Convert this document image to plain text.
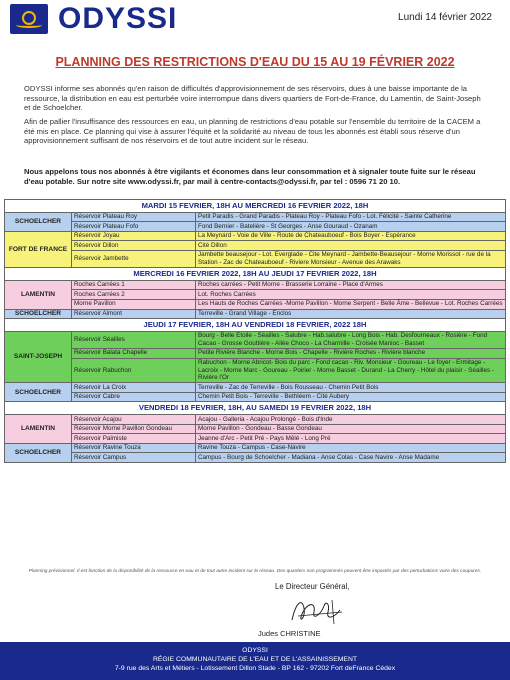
ODYSSI	Lundi 14 février 2022
PLANNING DES RESTRICTIONS D'EAU DU 15 AU 19 FÉVRIER 2022
ODYSSI informe ses abonnés qu'en raison de difficultés d'approvisionnement de ses réservoirs, dues à une baisse importante de la ressource, la distribution en eau est perturbée voire interrompue dans divers quartiers de Fort-de-France, du Lamentin, de Saint-Joseph et de Schoelcher.
Afin de pallier l'insuffisance des ressources en eau, un planning de restrictions d'eau potable sur l'ensemble du territoire de la CACEM a été mis en place. Ce planning qui vise à assurer l'équité et la solidarité au niveau de tous les abonnés est établi sous réserve d'un approvisionnement suffisant de nos réservoirs et de tout autre incident sur le réseau.
Nous appelons tous nos abonnés à être vigilants et économes dans leur consommation et à signaler toute fuite sur le réseau d'eau potable. Sur notre site www.odyssi.fr, par mail à centre-contacts@odyssi.fr, par tel : 0596 71 20 10.
MARDI 15 FEVRIER, 18H AU MERCREDI 16 FEVRIER 2022, 18H		
SCHOELCHER	Réservoir Plateau Roy	Petit Paradis - Grand Paradis - Plateau Roy - Plateau Fofo - Lot. Félicité - Sainte Catherine
	Réservoir Plateau Fofo	Fond Bernier - Batelière - St Georges - Anse Gouraud - Ozanam
FORT DE FRANCE	Réservoir Joyau	La Meynard - Voie de Ville - Route de Chateauboeuf - Bois Boyer - Espérance
	Réservoir Dillon	Cité Dillon
	Réservoir Jambette	Jambette beausejour - Lot. Everglade - Cite Meynard - Jambette-Beausejour - Morne Morissot - rue de la Station - Zac de Chateauboeuf - Riviere Monsieur - Avenue des Arawaks
MERCREDI 16 FEVRIER 2022, 18H AU JEUDI 17 FEVRIER 2022, 18H		
LAMENTIN	Roches Carrées 1	Roches carrées - Petit Morne - Brasserie Lorraine - Place d'Armes
	Roches Carrées 2	Lot. Roches Carrées
	Morne Pavillon	Les Hauts de Roches Carrées -Morne Pavillon - Morne Serpent - Belle Âme - Bellevue - Lot. Roches Carrées
SCHOELCHER	Réservoir Almont	Terreville - Grand Village - Enclos
JEUDI 17 FEVRIER, 18H AU VENDREDI 18 FEVRIER, 2022 18H		
SAINT-JOSEPH	Réservoir Séailles	Bourg - Belle Etoile - Séailles - Salubre - Hab.salubre - Long Bois - Hab. Desfourneaux - Rosière - Fond Cacao - Grosse Gouttière - Allée Choco - La Charmille - Croisée Manioc - Basset
	Réservoir Balata Chapelle	Petite Rivière Blanche - Morne Bois - Chapelle - Rivière Roches - Rivière blanche
	Réservoir Rabuchon	Rabuchon - Morne Abricot- Bois du parc - Fond cacao - Riv. Monsieur - Goureau - Le foyer - Ermitage - Lacroix - Morne Marc - Goureau - Poirier - Morne Basset - Durand - La Cherry - Hôtel du plaisir - Séailles - Rivière l'Or
SCHOELCHER	Réservoir La Croix	Terreville - Zac de Terreville - Bois Rousseau - Chemin Petit Bois
	Réservoir Cabre	Chemin Petit Bois - Terreville - Bethléem - Cité Aubery
VENDREDI 18 FEVRIER, 18H, AU SAMEDI 19 FEVRIER 2022, 18H		
LAMENTIN	Réservoir Acajou	Acajou - Galleria - Acajou Prolongé - Bois d'Inde
	Réservoir Morne Pavillon Gondeau	Morne Pavillon - Gondeau - Basse Gondeau
	Réservoir Palmiste	Jeanne d'Arc - Petit Pré - Pays Mêlé - Long Pré
SCHOELCHER	Réservoir Ravine Touza	Ravine Touza - Campus - Case-Navire
	Réservoir Campus	Campus - Bourg de Schoelcher - Madiana - Anse Colas - Case Navire - Anse Madame
Planning prévisionnel. Il est fonction de la disponibilité de la ressource en eau et de tout autre incident sur le réseau. Des quartiers non programmés peuvent être impactés par des perturbations voire des coupures.
Le Directeur Général,
Judes CHRISTINE
ODYSSI
RÉGIE COMMUNAUTAIRE DE L'EAU ET DE L'ASSAINISSEMENT
7-9 rue des Arts et Métiers - Lotissement Dillon Stade - BP 162 - 97202 Fort deFrance Cédex
